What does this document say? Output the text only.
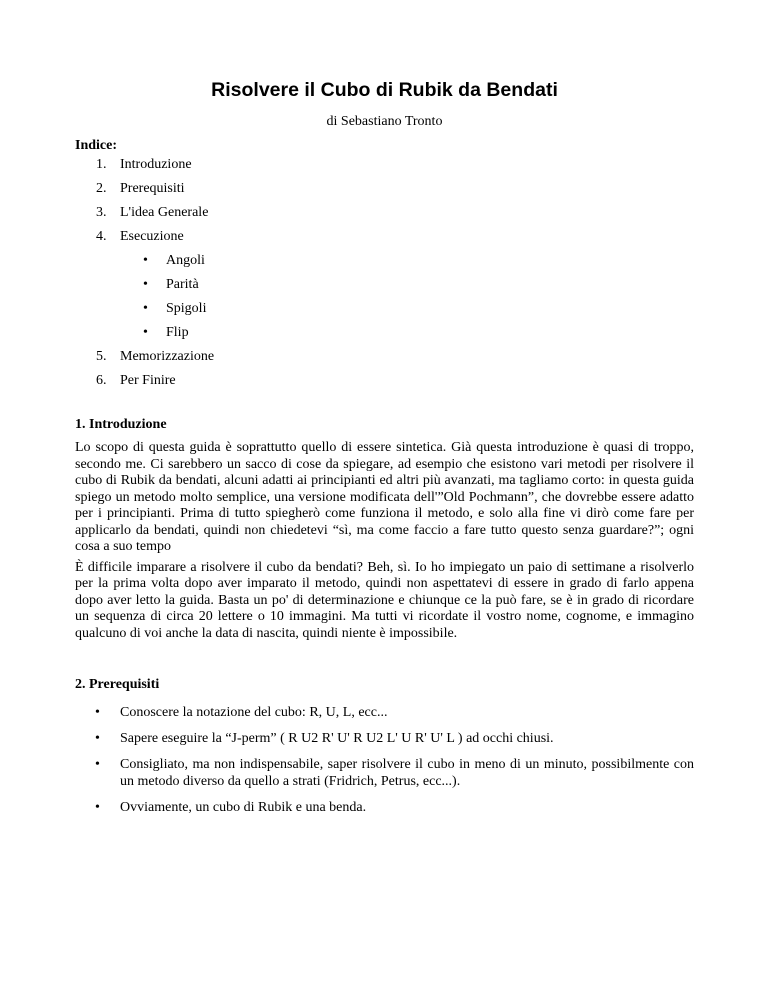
Risolvere il Cubo di Rubik da Bendati
di Sebastiano Tronto
Indice:
1. Introduzione
2. Prerequisiti
3. L'idea Generale
4. Esecuzione
• Angoli
• Parità
• Spigoli
• Flip
5. Memorizzazione
6. Per Finire
1. Introduzione

Lo scopo di questa guida è soprattutto quello di essere sintetica. Già questa introduzione è quasi di troppo, secondo me. Ci sarebbero un sacco di cose da spiegare, ad esempio che esistono vari metodi per risolvere il cubo di Rubik da bendati, alcuni adatti ai principianti ed altri più avanzati, ma tagliamo corto: in questa guida spiego un metodo molto semplice, una versione modificata dell'”Old Pochmann”, che dovrebbe essere adatto per i principianti. Prima di tutto spiegherò come funziona il metodo, e solo alla fine vi dirò come fare per applicarlo da bendati, quindi non chiedetevi “sì, ma come faccio a fare tutto questo senza guardare?”; ogni cosa a suo tempo

È difficile imparare a risolvere il cubo da bendati? Beh, sì. Io ho impiegato un paio di settimane a risolverlo per la prima volta dopo aver imparato il metodo, quindi non aspettatevi di essere in grado di farlo appena dopo aver letto la guida. Basta un po' di determinazione e chiunque ce la può fare, se è in grado di ricordare un sequenza di circa 20 lettere o 10 immagini. Ma tutti vi ricordate il vostro nome, cognome, e immagino qualcuno di voi anche la data di nascita, quindi niente è impossibile.

2. Prerequisiti
• Conoscere la notazione del cubo: R, U, L, ecc...
• Sapere eseguire la “J-perm” ( R U2 R' U' R U2 L' U R' U' L ) ad occhi chiusi.
• Consigliato, ma non indispensabile, saper risolvere il cubo in meno di un minuto, possibilmente con un metodo diverso da quello a strati (Fridrich, Petrus, ecc...).
• Ovviamente, un cubo di Rubik e una benda.
